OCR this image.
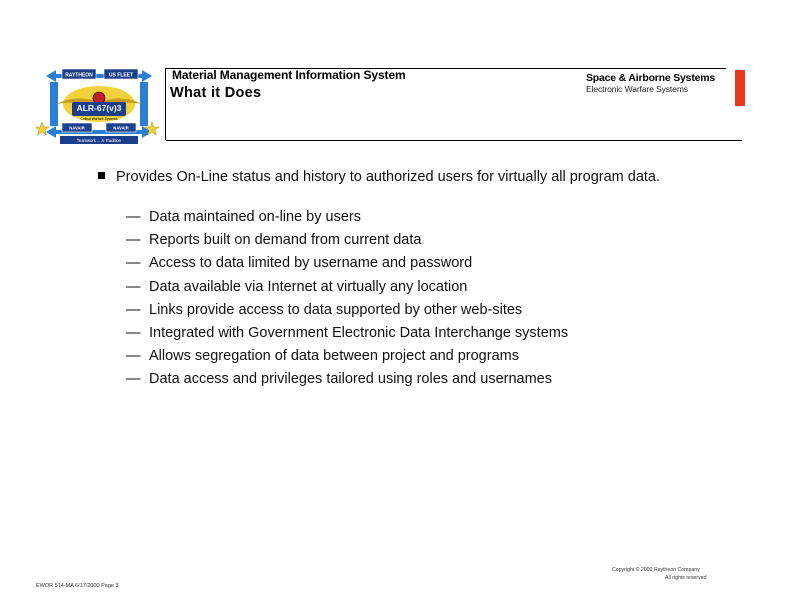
RAYTHEON	US FLEET
ALR-67(v)3
Critical Warfare Systems
NAVAIR	NAVAIR
Teamwork ... A Tradition
Material Management Information System
What it Does
Space & Airborne Systems
Electronic Warfare Systems
Provides On-Line status and history to authorized users for virtually all program data.
— Data maintained on-line by users
— Reports built on demand from current data
— Access to data limited by username and password
— Data available via Internet at virtually any location
— Links provide access to data supported by other web-sites
— Integrated with Government Electronic Data Interchange systems
— Allows segregation of data between project and programs
— Data access and privileges tailored using roles and usernames
Copyright © 2000 Raytheon Company
All rights reserved
EWOR 514-MA 6/17/2000 Page 3
